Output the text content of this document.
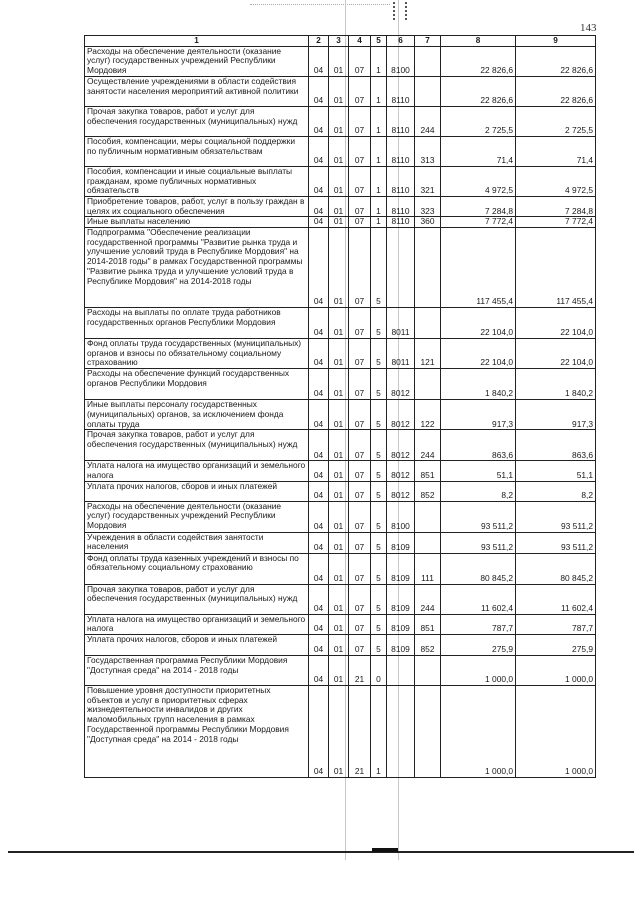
143
1	2	3	4	5	6	7	8	9
Расходы на обеспечение деятельности (оказание услуг) государственных учреждений Республики Мордовия	04	01	07	1	8100		22 826,6	22 826,6
Осуществление учреждениями в области содействия занятости населения мероприятий активной политики	04	01	07	1	8110		22 826,6	22 826,6
Прочая закупка товаров, работ и услуг для обеспечения государственных (муниципальных) нужд	04	01	07	1	8110	244	2 725,5	2 725,5
Пособия, компенсации, меры социальной поддержки по публичным нормативным обязательствам	04	01	07	1	8110	313	71,4	71,4
Пособия, компенсации и иные социальные выплаты гражданам, кроме публичных нормативных обязательств	04	01	07	1	8110	321	4 972,5	4 972,5
Приобретение товаров, работ, услуг в пользу граждан в целях их социального обеспечения	04	01	07	1	8110	323	7 284,8	7 284,8
Иные выплаты населению	04	01	07	1	8110	360	7 772,4	7 772,4
Подпрограмма "Обеспечение реализации государственной программы "Развитие рынка труда и улучшение условий труда в Республике Мордовия" на 2014-2018 годы" в рамках Государственной программы "Развитие рынка труда и улучшение условий труда в Республике Мордовия" на 2014-2018 годы	04	01	07	5			117 455,4	117 455,4
Расходы на выплаты по оплате труда работников государственных органов Республики Мордовия	04	01	07	5	8011		22 104,0	22 104,0
Фонд оплаты труда государственных (муниципальных) органов и взносы по обязательному социальному страхованию	04	01	07	5	8011	121	22 104,0	22 104,0
Расходы на обеспечение функций государственных органов Республики Мордовия	04	01	07	5	8012		1 840,2	1 840,2
Иные выплаты персоналу государственных (муниципальных) органов, за исключением фонда оплаты труда	04	01	07	5	8012	122	917,3	917,3
Прочая закупка товаров, работ и услуг для обеспечения государственных (муниципальных) нужд	04	01	07	5	8012	244	863,6	863,6
Уплата налога на имущество организаций и земельного налога	04	01	07	5	8012	851	51,1	51,1
Уплата прочих налогов, сборов и иных платежей	04	01	07	5	8012	852	8,2	8,2
Расходы на обеспечение деятельности (оказание услуг) государственных учреждений Республики Мордовия	04	01	07	5	8100		93 511,2	93 511,2
Учреждения в области содействия занятости населения	04	01	07	5	8109		93 511,2	93 511,2
Фонд оплаты труда казенных учреждений и взносы по обязательному социальному страхованию	04	01	07	5	8109	111	80 845,2	80 845,2
Прочая закупка товаров, работ и услуг для обеспечения государственных (муниципальных) нужд	04	01	07	5	8109	244	11 602,4	11 602,4
Уплата налога на имущество организаций и земельного налога	04	01	07	5	8109	851	787,7	787,7
Уплата прочих налогов, сборов и иных платежей	04	01	07	5	8109	852	275,9	275,9
Государственная программа Республики Мордовия "Доступная среда" на 2014 - 2018 годы	04	01	21	0			1 000,0	1 000,0
Повышение уровня доступности приоритетных объектов и услуг в приоритетных сферах жизнедеятельности инвалидов и других маломобильных групп населения в рамках Государственной программы Республики Мордовия "Доступная среда" на 2014 - 2018 годы	04	01	21	1			1 000,0	1 000,0
